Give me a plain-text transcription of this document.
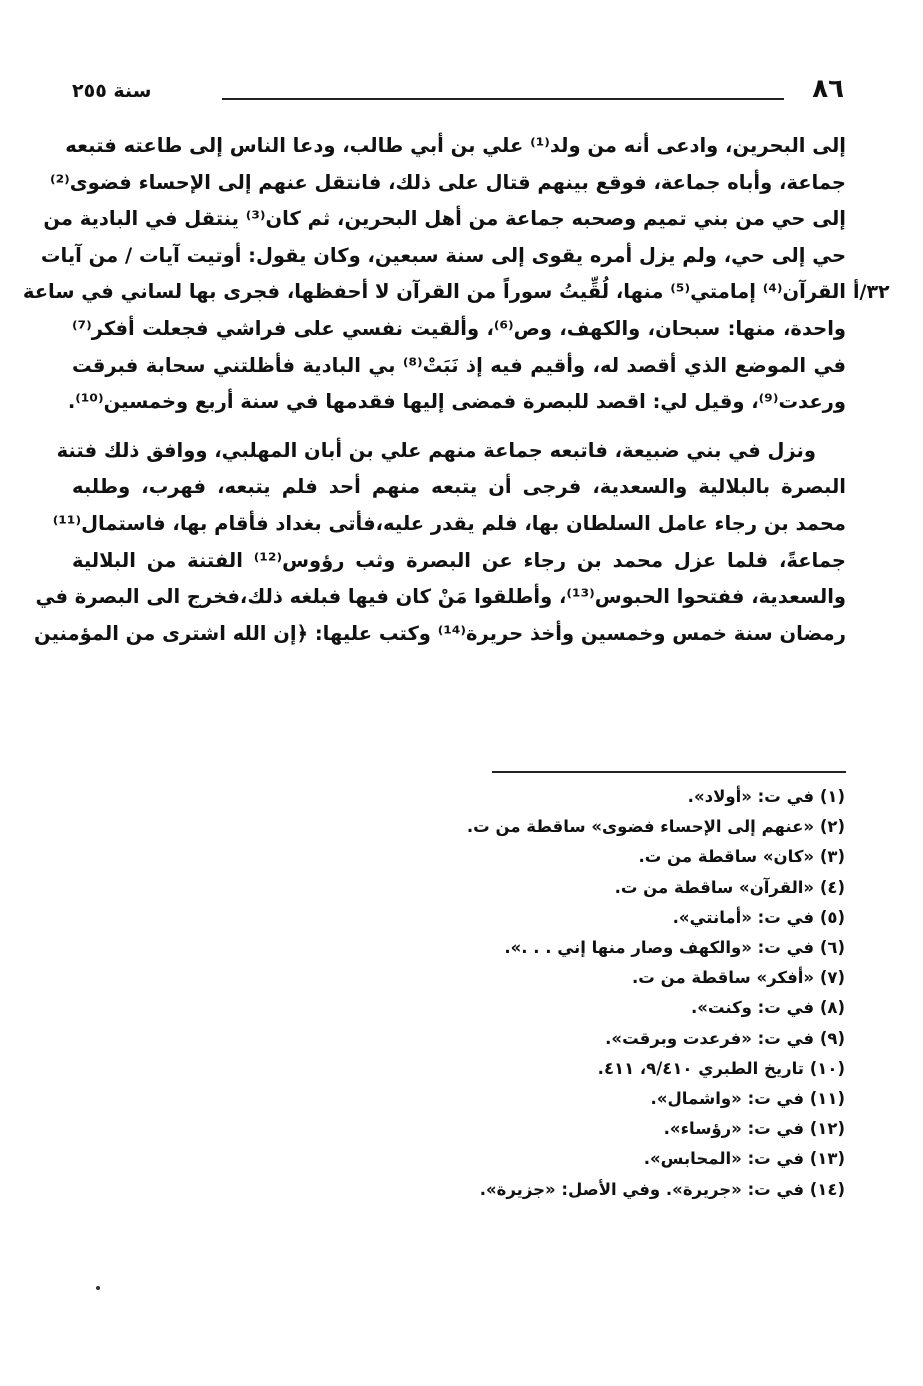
٨٦
سنة ٢٥٥
٣٢/أ

إلى البحرين، وادعى أنه من ولد⁽¹⁾ علي بن أبي طالب، ودعا الناس إلى طاعته فتبعه
جماعة، وأباه جماعة، فوقع بينهم قتال على ذلك، فانتقل عنهم إلى الإحساء فضوى⁽²⁾
إلى حي من بني تميم وصحبه جماعة من أهل البحرين، ثم كان⁽³⁾ ينتقل في البادية من
حي إلى حي، ولم يزل أمره يقوى إلى سنة سبعين، وكان يقول: أوتيت آيات / من آيات
القرآن⁽⁴⁾ إمامتي⁽⁵⁾ منها، لُقِّيتُ سوراً من القرآن لا أحفظها، فجرى بها لساني في ساعة
واحدة، منها: سبحان، والكهف، وص⁽⁶⁾، وألقيت نفسي على فراشي فجعلت أفكر⁽⁷⁾
في الموضع الذي أقصد له، وأقيم فيه إذ نَبَتْ⁽⁸⁾ بي البادية فأظلتني سحابة فبرقت
ورعدت⁽⁹⁾، وقيل لي: اقصد للبصرة فمضى إليها فقدمها في سنة أربع وخمسين⁽¹⁰⁾.

ونزل في بني ضبيعة، فاتبعه جماعة منهم علي بن أبان المهلبي، ووافق ذلك فتنة
البصرة بالبلالية والسعدية، فرجى أن يتبعه منهم أحد فلم يتبعه، فهرب، وطلبه
محمد بن رجاء عامل السلطان بها، فلم يقدر عليه،فأتى بغداد فأقام بها، فاستمال⁽¹¹⁾
جماعةً، فلما عزل محمد بن رجاء عن البصرة وثب رؤوس⁽¹²⁾ الفتنة من البلالية
والسعدية، ففتحوا الحبوس⁽¹³⁾، وأطلقوا مَنْ كان فيها فبلغه ذلك،فخرج الى البصرة في
رمضان سنة خمس وخمسين وأخذ حريرة⁽¹⁴⁾ وكتب عليها: ﴿إن الله اشترى من المؤمنين

(١) في ت: «أولاد».
(٢) «عنهم إلى الإحساء فضوى» ساقطة من ت.
(٣) «كان» ساقطة من ت.
(٤) «القرآن» ساقطة من ت.
(٥) في ت: «أمانتي».
(٦) في ت: «والكهف وصار منها إني . . .».
(٧) «أفكر» ساقطة من ت.
(٨) في ت: وكنت».
(٩) في ت: «فرعدت وبرقت».
(١٠) تاريخ الطبري ٩/٤١٠، ٤١١.
(١١) في ت: «واشمال».
(١٢) في ت: «رؤساء».
(١٣) في ت: «المحابس».
(١٤) في ت: «جريرة». وفي الأصل: «جزيرة».
